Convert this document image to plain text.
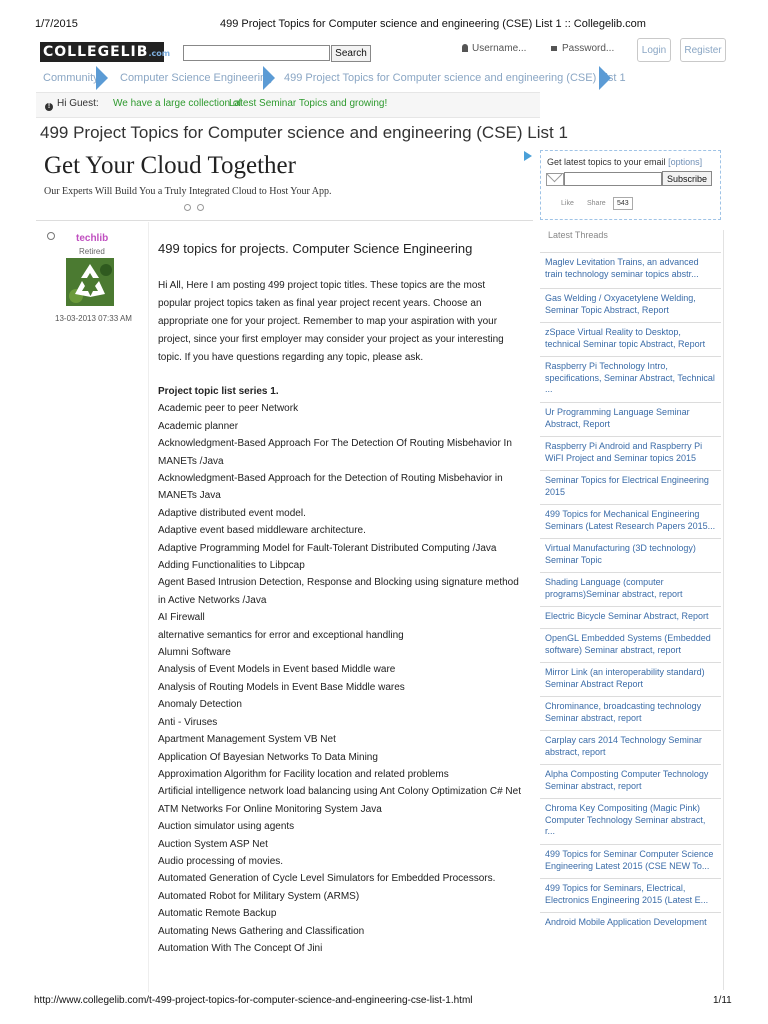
1/7/2015	499 Project Topics for Computer science and engineering (CSE) List 1 :: Collegelib.com
COLLEGELIB.com	Search	Username...	Password...	Login	Register
Community Computer Science Engineering 499 Project Topics for Computer science and engineering (CSE) List 1
! Hi Guest: We have a large collection of
Latest Seminar Topics and growing!
499 Project Topics for Computer science and engineering (CSE) List 1
Get Your Cloud Together
Our Experts Will Build You a Truly Integrated Cloud to Host Your App.
techlib
Retired
13-03-2013 07:33 AM
499 topics for projects. Computer Science Engineering
Hi All, Here I am posting 499 project topic titles. These topics are the most popular project topics taken as final year project recent years. Choose an appropriate one for your project. Remember to map your aspiration with your project, since your first employer may consider your project as your interesting topic. If you have questions regarding any topic, please ask.
Project topic list series 1.
Academic peer to peer Network
Academic planner
Acknowledgment-Based Approach For The Detection Of Routing Misbehavior In MANETs /Java
Acknowledgment-Based Approach for the Detection of Routing Misbehavior in MANETs Java
Adaptive distributed event model.
Adaptive event based middleware architecture.
Adaptive Programming Model for Fault-Tolerant Distributed Computing /Java
Adding Functionalities to Libpcap
Agent Based Intrusion Detection, Response and Blocking using signature method in Active Networks /Java
AI Firewall
alternative semantics for error and exceptional handling
Alumni Software
Analysis of Event Models in Event based Middle ware
Analysis of Routing Models in Event Base Middle wares
Anomaly Detection
Anti - Viruses
Apartment Management System VB Net
Application Of Bayesian Networks To Data Mining
Approximation Algorithm for Facility location and related problems
Artificial intelligence network load balancing using Ant Colony Optimization C# Net
ATM Networks For Online Monitoring System Java
Auction simulator using agents
Auction System ASP Net
Audio processing of movies.
Automated Generation of Cycle Level Simulators for Embedded Processors.
Automated Robot for Military System (ARMS)
Automatic Remote Backup
Automating News Gathering and Classification
Automation With The Concept Of Jini
Get latest topics to your email [options]
Subscribe
Like Share	543
Latest Threads
Maglev Levitation Trains, an advanced train technology seminar topics abstr...
Gas Welding / Oxyacetylene Welding, Seminar Topic Abstract, Report
zSpace Virtual Reality to Desktop, technical Seminar topic Abstract, Report
Raspberry Pi Technology Intro, specifications, Seminar Abstract, Technical ...
Ur Programming Language Seminar Abstract, Report
Raspberry Pi Android and Raspberry Pi WiFI Project and Seminar topics 2015
Seminar Topics for Electrical Engineering 2015
499 Topics for Mechanical Engineering Seminars (Latest Research Papers 2015...
Virtual Manufacturing (3D technology) Seminar Topic
Shading Language (computer programs)Seminar abstract, report
Electric Bicycle Seminar Abstract, Report
OpenGL Embedded Systems (Embedded software) Seminar abstract, report
Mirror Link (an interoperability standard) Seminar Abstract Report
Chrominance, broadcasting technology Seminar abstract, report
Carplay cars 2014 Technology Seminar abstract, report
Alpha Composting Computer Technology Seminar abstract, report
Chroma Key Compositing (Magic Pink) Computer Technology Seminar abstract, r...
499 Topics for Seminar Computer Science Engineering Latest 2015 (CSE NEW To...
499 Topics for Seminars, Electrical, Electronics Engineering 2015 (Latest E...
Android Mobile Application Development
http://www.collegelib.com/t-499-project-topics-for-computer-science-and-engineering-cse-list-1.html	1/11
